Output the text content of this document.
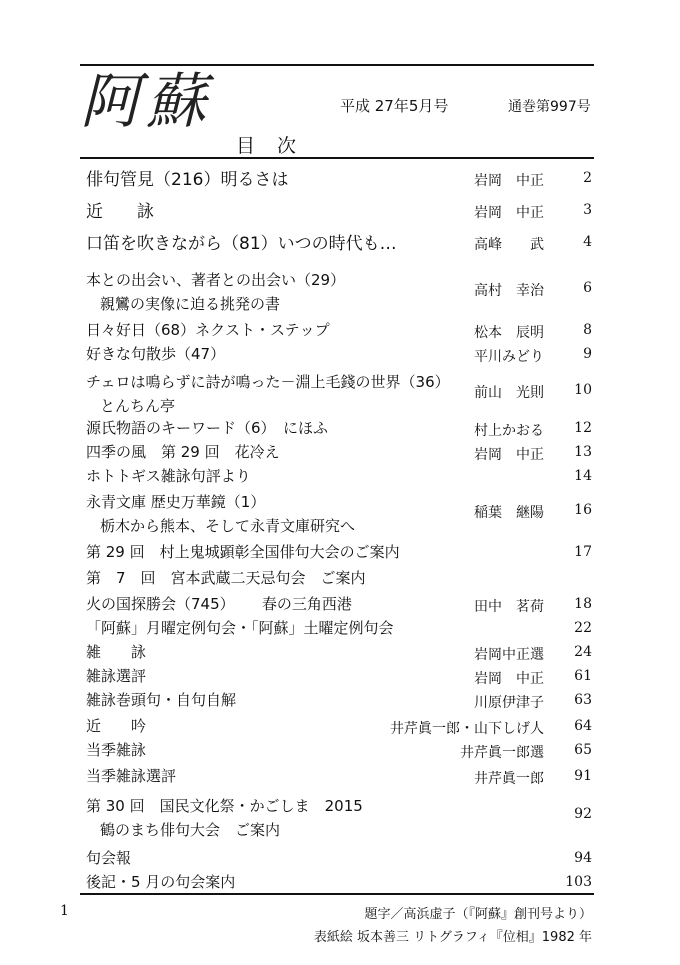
阿蘇
目次
平成 27年5月号	通巻第997号
俳句管見（216）明るさは	岩岡　中正	2
近　　詠	岩岡　中正	3
口笛を吹きながら（81）いつの時代も…	高峰　　武	4
本との出会い、著者との出会い（29）
親鸞の実像に迫る挑発の書
高村　幸治	6
日々好日（68）ネクスト・ステップ	松本　辰明	8
好きな句散歩（47）	平川みどり	9
チェロは鳴らずに詩が鳴った－淵上毛錢の世界（36）
とんちん亭
前山　光則	10
源氏物語のキーワード（6）　にほふ	村上かおる	12
四季の風　第 29 回　花冷え	岩岡　中正	13
ホトトギス雑詠句評より	14
永青文庫 歴史万華鏡（1）
栃木から熊本、そして永青文庫研究へ
稲葉　継陽	16
第 29 回　村上鬼城顕彰全国俳句大会のご案内	17
第　7　回　宮本武蔵二天忌句会　ご案内
火の国探勝会（745）　　 春の三角西港	田中　茗荷	18
「阿蘇」月曜定例句会・「阿蘇」土曜定例句会	22
雑　　詠	岩岡中正選	24
雑詠選評	岩岡　中正	61
雑詠巻頭句・自句自解	川原伊津子	63
近　　吟	井芹眞一郎・山下しげ人	64
当季雑詠	井芹眞一郎選	65
当季雑詠選評	井芹眞一郎	91
第 30 回　国民文化祭・かごしま　2015
鶴のまち俳句大会　ご案内
92
句会報	94
後記・5 月の句会案内	103
1	題字／高浜虚子（『阿蘇』創刊号より）
表紙絵 坂本善三 リトグラフィ『位相』1982 年
